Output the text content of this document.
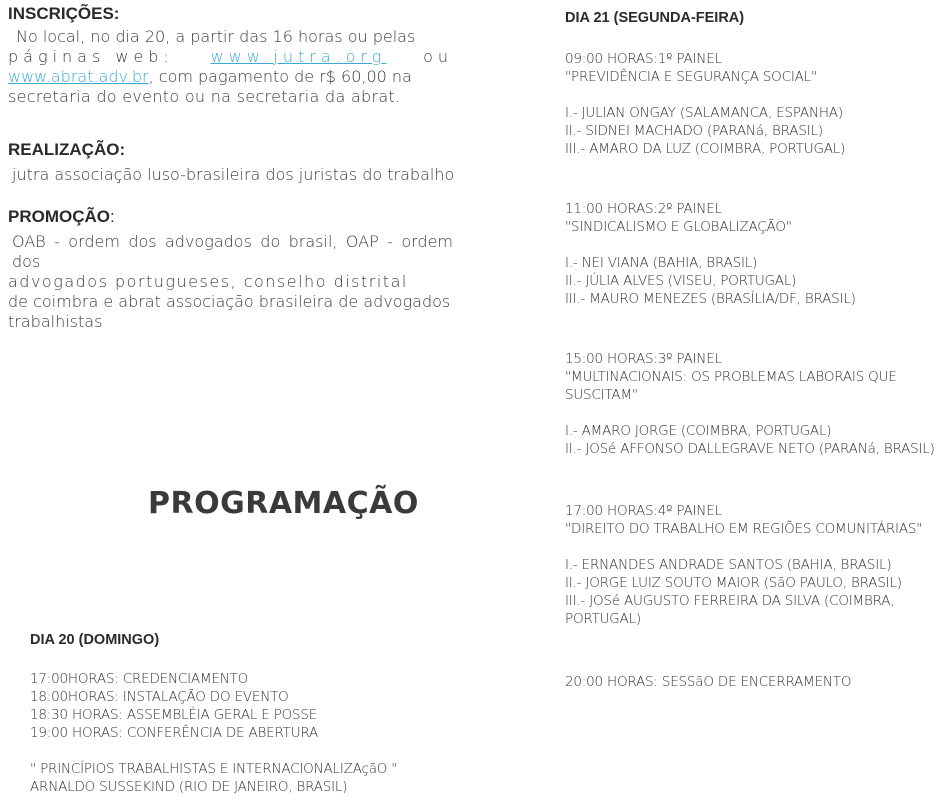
INSCRIÇÕES:

No local, no dia 20, a partir das 16 horas ou pelas

páginas web: www.jutra.org ou

www.abrat.adv.br, com pagamento de r$ 60,00 na

secretaria do evento ou na secretaria da abrat.

REALIZAÇÃO:

jutra associação luso-brasileira dos juristas do trabalho

PROMOÇÃO:

OAB - ordem dos advogados do brasil, OAP - ordem dos

advogados portugueses, conselho distrital

de coimbra e abrat associação brasileira de advogados

trabalhistas

PROGRAMAÇÃO

DIA 20 (DOMINGO)

17:00HORAS: CREDENCIAMENTO

18:00HORAS: INSTALAÇÃO DO EVENTO

18:30 HORAS: ASSEMBLÉIA GERAL E POSSE

19:00 HORAS: CONFERÊNCIA DE ABERTURA

" PRINCÍPIOS TRABALHISTAS E INTERNACIONALIZAçãO "

ARNALDO SUSSEKIND (RIO DE JANEIRO, BRASIL)

DIA 21 (SEGUNDA-FEIRA)

09:00 HORAS:1º PAINEL

"PREVIDÊNCIA E SEGURANÇA SOCIAL"

I.- JULIAN ONGAY (SALAMANCA, ESPANHA)

II.- SIDNEI MACHADO (PARANá, BRASIL)

III.- AMARO DA LUZ (COIMBRA, PORTUGAL)

11:00 HORAS:2º PAINEL

"SINDICALISMO E GLOBALIZAÇÃO"

I.- NEI VIANA (BAHIA, BRASIL)

II.- JÚLIA ALVES (VISEU, PORTUGAL)

III.- MAURO MENEZES (BRASÍLIA/DF, BRASIL)

15:00 HORAS:3º PAINEL

"MULTINACIONAIS: OS PROBLEMAS LABORAIS QUE

SUSCITAM"

I.- AMARO JORGE (COIMBRA, PORTUGAL)

II.- JOSé AFFONSO DALLEGRAVE NETO (PARANá, BRASIL)

17:00 HORAS:4º PAINEL

"DIREITO DO TRABALHO EM REGIÕES COMUNITÁRIAS"

I.- ERNANDES ANDRADE SANTOS (BAHIA, BRASIL)

II.- JORGE LUIZ SOUTO MAIOR (SãO PAULO, BRASIL)

III.- JOSé AUGUSTO FERREIRA DA SILVA (COIMBRA,

PORTUGAL)

20:00 HORAS: SESSãO DE ENCERRAMENTO
